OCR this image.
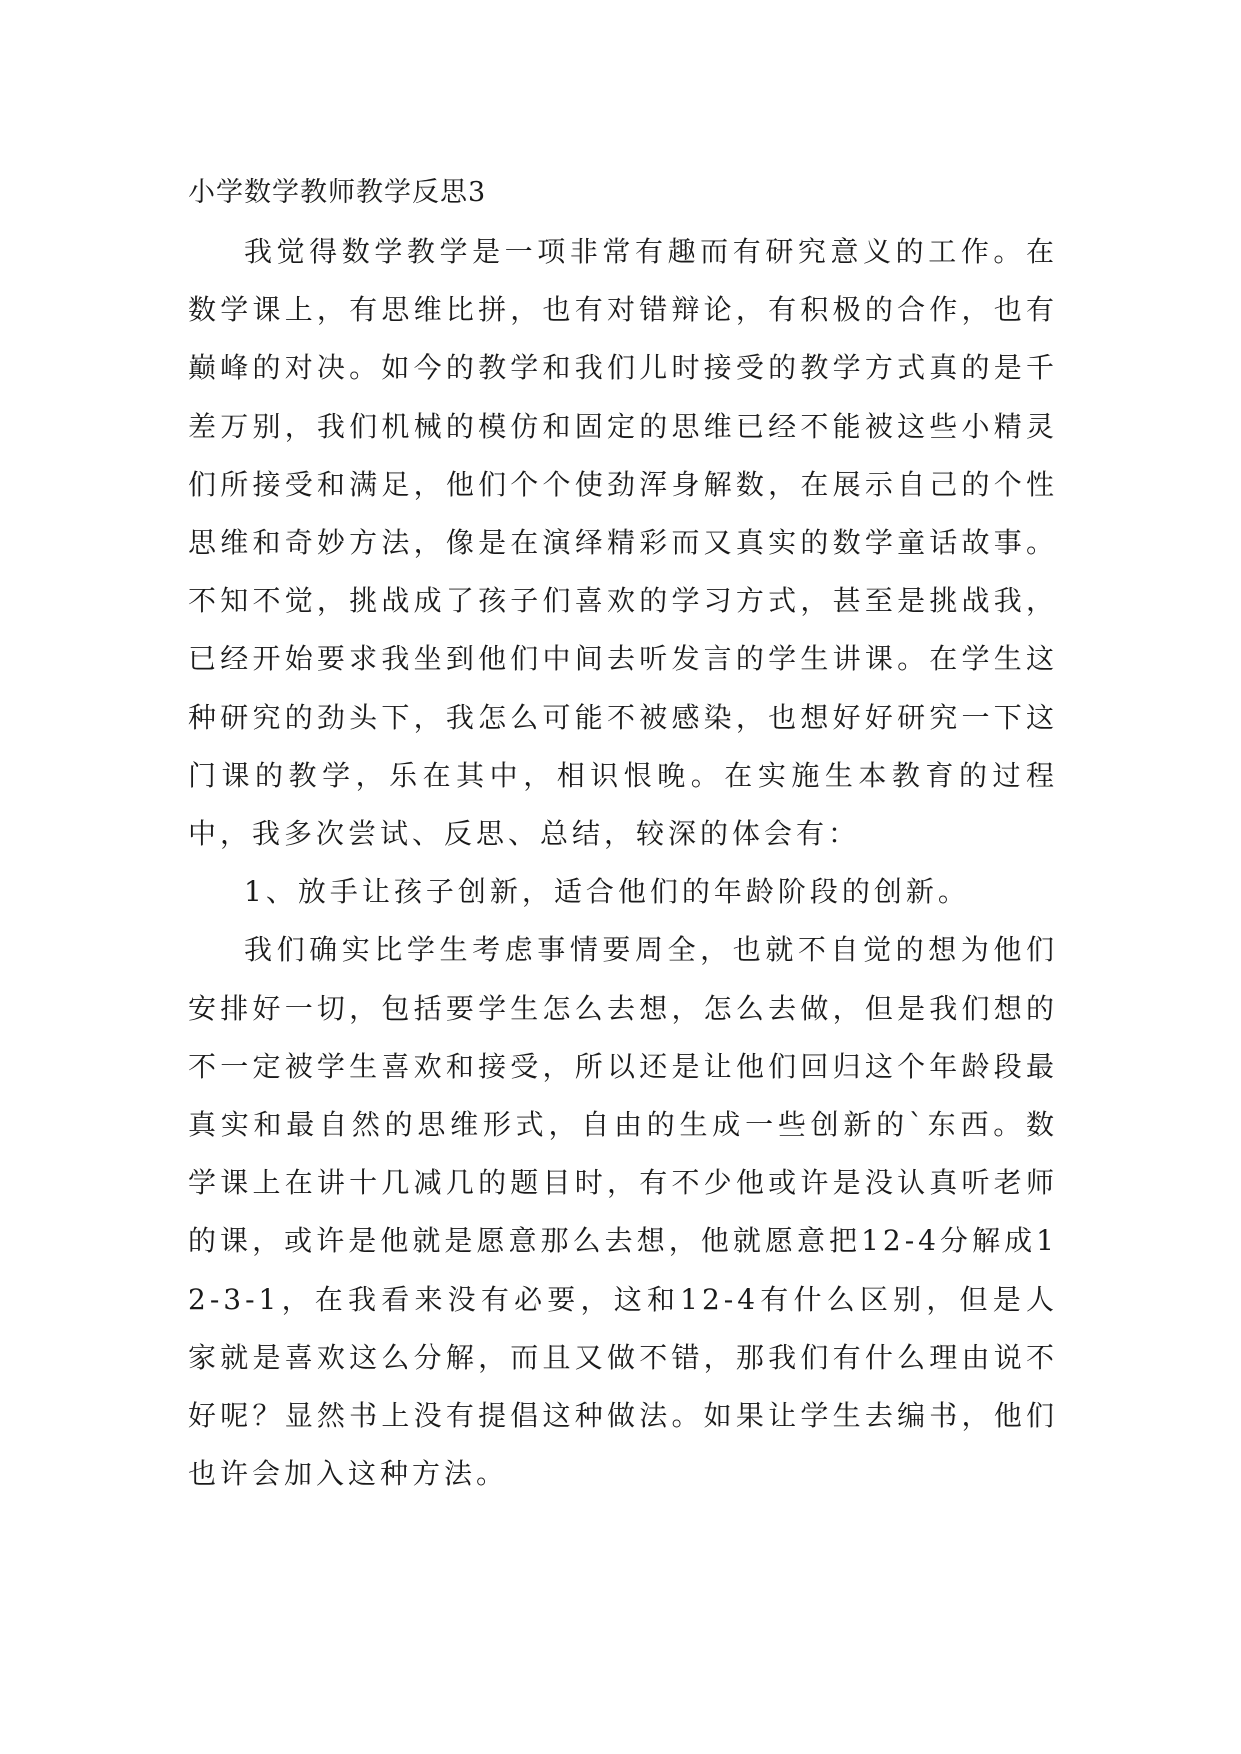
小学数学教师教学反思3

我觉得数学教学是一项非常有趣而有研究意义的工作。在数学课上，有思维比拼，也有对错辩论，有积极的合作，也有巅峰的对决。如今的教学和我们儿时接受的教学方式真的是千差万别，我们机械的模仿和固定的思维已经不能被这些小精灵们所接受和满足，他们个个使劲浑身解数，在展示自己的个性思维和奇妙方法，像是在演绎精彩而又真实的数学童话故事。不知不觉，挑战成了孩子们喜欢的学习方式，甚至是挑战我，已经开始要求我坐到他们中间去听发言的学生讲课。在学生这种研究的劲头下，我怎么可能不被感染，也想好好研究一下这门课的教学，乐在其中，相识恨晚。在实施生本教育的过程中，我多次尝试、反思、总结，较深的体会有：

1、放手让孩子创新，适合他们的年龄阶段的创新。

我们确实比学生考虑事情要周全，也就不自觉的想为他们安排好一切，包括要学生怎么去想，怎么去做，但是我们想的不一定被学生喜欢和接受，所以还是让他们回归这个年龄段最真实和最自然的思维形式，自由的生成一些创新的`东西。数学课上在讲十几减几的题目时，有不少他或许是没认真听老师的课，或许是他就是愿意那么去想，他就愿意把12-4分解成12-3-1，在我看来没有必要，这和12-4有什么区别，但是人家就是喜欢这么分解，而且又做不错，那我们有什么理由说不好呢？显然书上没有提倡这种做法。如果让学生去编书，他们也许会加入这种方法。
